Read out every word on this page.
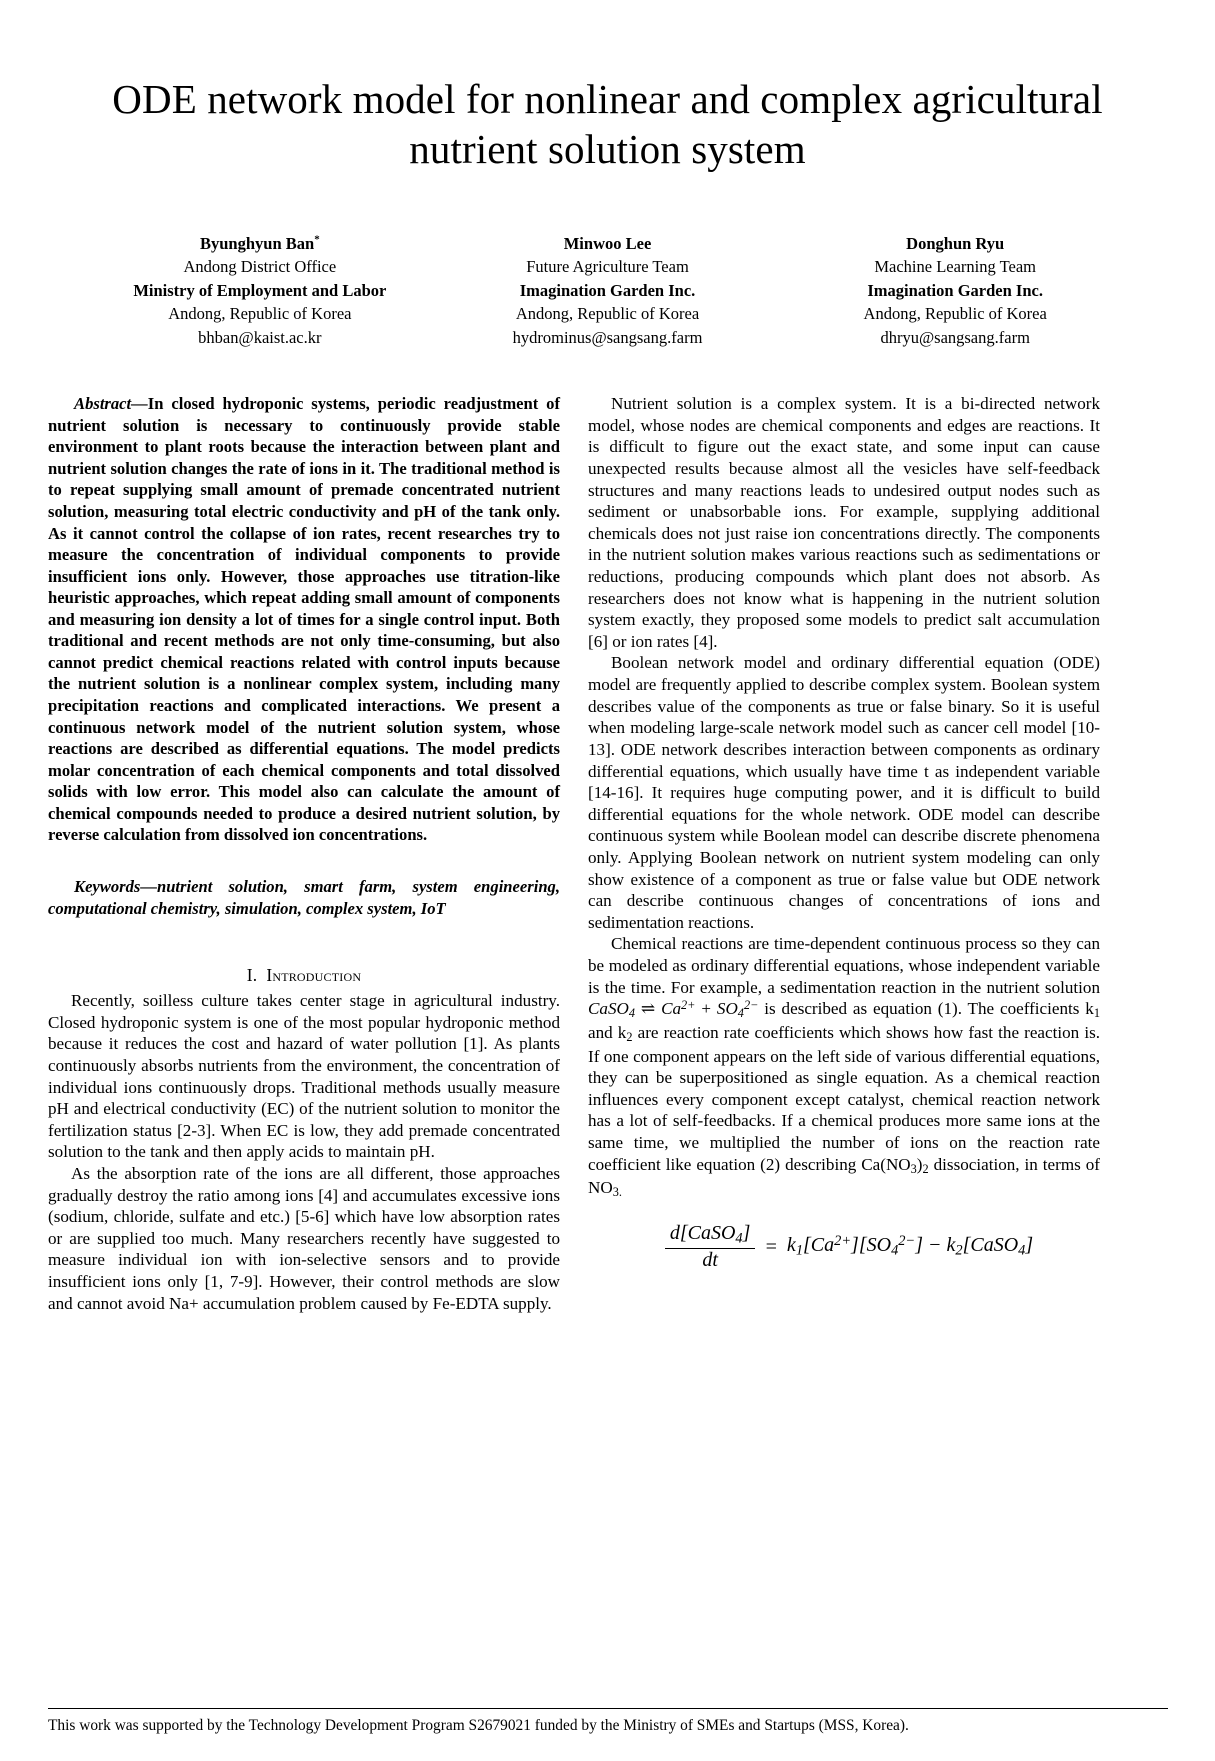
ODE network model for nonlinear and complex agricultural nutrient solution system
Byunghyun Ban*
Andong District Office
Ministry of Employment and Labor
Andong, Republic of Korea
bhban@kaist.ac.kr
Minwoo Lee
Future Agriculture Team
Imagination Garden Inc.
Andong, Republic of Korea
hydrominus@sangsang.farm
Donghun Ryu
Machine Learning Team
Imagination Garden Inc.
Andong, Republic of Korea
dhryu@sangsang.farm

Abstract—In closed hydroponic systems, periodic readjustment of nutrient solution is necessary to continuously provide stable environment to plant roots because the interaction between plant and nutrient solution changes the rate of ions in it. The traditional method is to repeat supplying small amount of premade concentrated nutrient solution, measuring total electric conductivity and pH of the tank only. As it cannot control the collapse of ion rates, recent researches try to measure the concentration of individual components to provide insufficient ions only. However, those approaches use titration-like heuristic approaches, which repeat adding small amount of components and measuring ion density a lot of times for a single control input. Both traditional and recent methods are not only time-consuming, but also cannot predict chemical reactions related with control inputs because the nutrient solution is a nonlinear complex system, including many precipitation reactions and complicated interactions. We present a continuous network model of the nutrient solution system, whose reactions are described as differential equations. The model predicts molar concentration of each chemical components and total dissolved solids with low error. This model also can calculate the amount of chemical compounds needed to produce a desired nutrient solution, by reverse calculation from dissolved ion concentrations.

Keywords—nutrient solution, smart farm, system engineering, computational chemistry, simulation, complex system, IoT

I. Introduction

Recently, soilless culture takes center stage in agricultural industry. Closed hydroponic system is one of the most popular hydroponic method because it reduces the cost and hazard of water pollution [1]. As plants continuously absorbs nutrients from the environment, the concentration of individual ions continuously drops. Traditional methods usually measure pH and electrical conductivity (EC) of the nutrient solution to monitor the fertilization status [2-3]. When EC is low, they add premade concentrated solution to the tank and then apply acids to maintain pH.

As the absorption rate of the ions are all different, those approaches gradually destroy the ratio among ions [4] and accumulates excessive ions (sodium, chloride, sulfate and etc.) [5-6] which have low absorption rates or are supplied too much. Many researchers recently have suggested to measure individual ion with ion-selective sensors and to provide insufficient ions only [1, 7-9]. However, their control methods are slow and cannot avoid Na+ accumulation problem caused by Fe-EDTA supply.

Nutrient solution is a complex system. It is a bi-directed network model, whose nodes are chemical components and edges are reactions. It is difficult to figure out the exact state, and some input can cause unexpected results because almost all the vesicles have self-feedback structures and many reactions leads to undesired output nodes such as sediment or unabsorbable ions. For example, supplying additional chemicals does not just raise ion concentrations directly. The components in the nutrient solution makes various reactions such as sedimentations or reductions, producing compounds which plant does not absorb. As researchers does not know what is happening in the nutrient solution system exactly, they proposed some models to predict salt accumulation [6] or ion rates [4].

Boolean network model and ordinary differential equation (ODE) model are frequently applied to describe complex system. Boolean system describes value of the components as true or false binary. So it is useful when modeling large-scale network model such as cancer cell model [10-13]. ODE network describes interaction between components as ordinary differential equations, which usually have time t as independent variable [14-16]. It requires huge computing power, and it is difficult to build differential equations for the whole network. ODE model can describe continuous system while Boolean model can describe discrete phenomena only. Applying Boolean network on nutrient system modeling can only show existence of a component as true or false value but ODE network can describe continuous changes of concentrations of ions and sedimentation reactions.

Chemical reactions are time-dependent continuous process so they can be modeled as ordinary differential equations, whose independent variable is the time. For example, a sedimentation reaction in the nutrient solution CaSO$_4$ ⇌ $Ca^{2+} + SO_4^{2-}$ is described as equation (1). The coefficients $k_1$ and $k_2$ are reaction rate coefficients which shows how fast the reaction is. If one component appears on the left side of various differential equations, they can be superpositioned as single equation. As a chemical reaction influences every component except catalyst, chemical reaction network has a lot of self-feedbacks. If a chemical produces more same ions at the same time, we multiplied the number of ions on the reaction rate coefficient like equation (2) describing $Ca(NO_3)_2$ dissociation, in terms of $NO_{3.}$

$\frac{d[CaSO_4]}{dt} = k_1[Ca^{2+}][SO_4^{2-}]$ − $k_2[CaSO_4]$

This work was supported by the Technology Development Program S2679021 funded by the Ministry of SMEs and Startups (MSS, Korea).
